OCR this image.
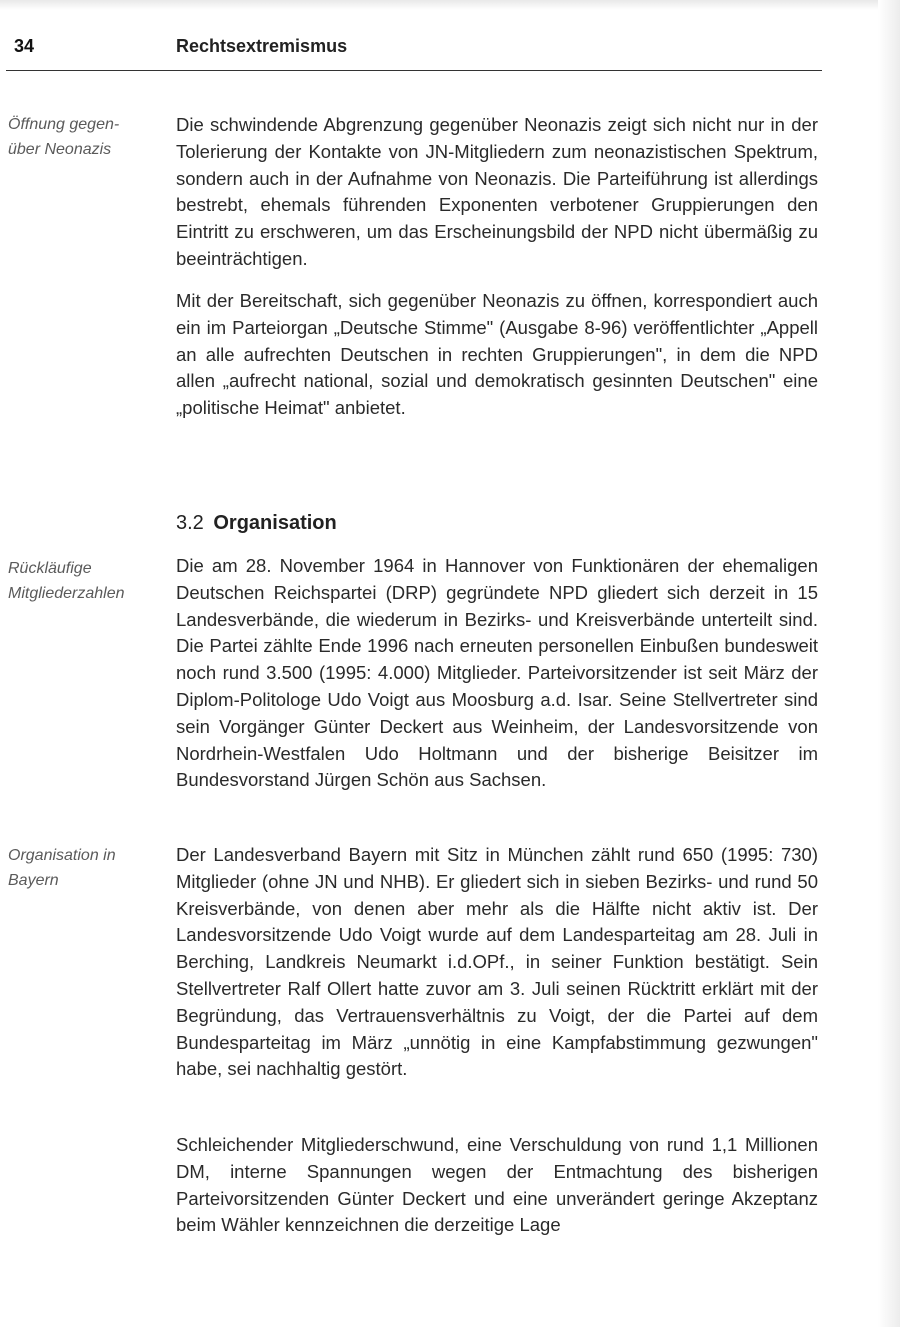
34	Rechtsextremismus
Öffnung gegen-
über Neonazis
Rückläufige
Mitgliederzahlen
Organisation in
Bayern

Die schwindende Abgrenzung gegenüber Neonazis zeigt sich nicht nur in der Tolerierung der Kontakte von JN-Mitgliedern zum neonazistischen Spektrum, sondern auch in der Aufnahme von Neonazis. Die Parteiführung ist allerdings bestrebt, ehemals führenden Exponenten verbotener Gruppierungen den Eintritt zu erschweren, um das Erscheinungsbild der NPD nicht übermäßig zu beeinträchtigen.

Mit der Bereitschaft, sich gegenüber Neonazis zu öffnen, korrespondiert auch ein im Parteiorgan „Deutsche Stimme" (Ausgabe 8-96) veröffentlichter „Appell an alle aufrechten Deutschen in rechten Gruppierungen", in dem die NPD allen „aufrecht national, sozial und demokratisch gesinnten Deutschen" eine „politische Heimat" anbietet.

3.2 Organisation

Die am 28. November 1964 in Hannover von Funktionären der ehemaligen Deutschen Reichspartei (DRP) gegründete NPD gliedert sich derzeit in 15 Landesverbände, die wiederum in Bezirks- und Kreisverbände unterteilt sind. Die Partei zählte Ende 1996 nach erneuten personellen Einbußen bundesweit noch rund 3.500 (1995: 4.000) Mitglieder. Parteivorsitzender ist seit März der Diplom-Politologe Udo Voigt aus Moosburg a.d. Isar. Seine Stellvertreter sind sein Vorgänger Günter Deckert aus Weinheim, der Landesvorsitzende von Nordrhein-Westfalen Udo Holtmann und der bisherige Beisitzer im Bundesvorstand Jürgen Schön aus Sachsen.

Der Landesverband Bayern mit Sitz in München zählt rund 650 (1995: 730) Mitglieder (ohne JN und NHB). Er gliedert sich in sieben Bezirks- und rund 50 Kreisverbände, von denen aber mehr als die Hälfte nicht aktiv ist. Der Landesvorsitzende Udo Voigt wurde auf dem Landesparteitag am 28. Juli in Berching, Landkreis Neumarkt i.d.OPf., in seiner Funktion bestätigt. Sein Stellvertreter Ralf Ollert hatte zuvor am 3. Juli seinen Rücktritt erklärt mit der Begründung, das Vertrauensverhältnis zu Voigt, der die Partei auf dem Bundesparteitag im März „unnötig in eine Kampfabstimmung gezwungen" habe, sei nachhaltig gestört.

Schleichender Mitgliederschwund, eine Verschuldung von rund 1,1 Millionen DM, interne Spannungen wegen der Entmachtung des bisherigen Parteivorsitzenden Günter Deckert und eine unverändert geringe Akzeptanz beim Wähler kennzeichnen die derzeitige Lage
